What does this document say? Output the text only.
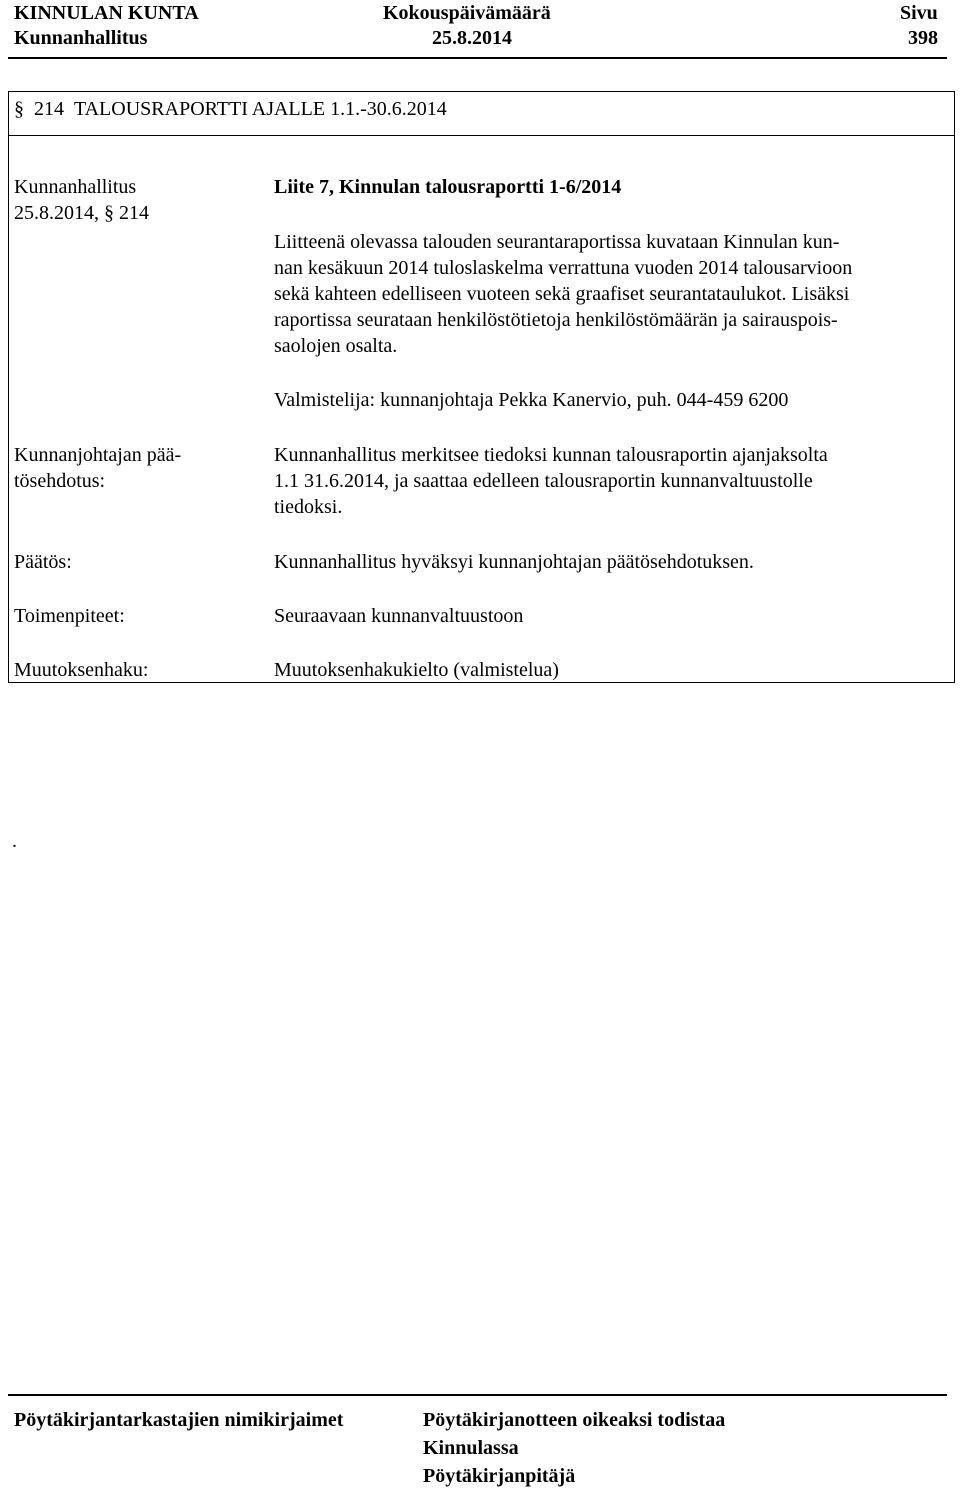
KINNULAN KUNTA
Kunnanhallitus
Kokouspäivämäärä
25.8.2014
Sivu
398
§ 214 TALOUSRAPORTTI AJALLE 1.1.-30.6.2014
Kunnanhallitus
25.8.2014, § 214
Kunnanjohtajan pää-
tösehdotus:
Päätös:
Toimenpiteet:
Muutoksenhaku:
Liite 7, Kinnulan talousraportti 1-6/2014
Liitteenä olevassa talouden seurantaraportissa kuvataan Kinnulan kun-
nan kesäkuun 2014 tuloslaskelma verrattuna vuoden 2014 talousarvioon
sekä kahteen edelliseen vuoteen sekä graafiset seurantataulukot. Lisäksi
raportissa seurataan henkilöstötietoja henkilöstömäärän ja sairauspois-
saolojen osalta.
Valmistelija: kunnanjohtaja Pekka Kanervio, puh. 044-459 6200
Kunnanhallitus merkitsee tiedoksi kunnan talousraportin ajanjaksolta
1.1 31.6.2014, ja saattaa edelleen talousraportin kunnanvaltuustolle
tiedoksi.
Kunnanhallitus hyväksyi kunnanjohtajan päätösehdotuksen.
Seuraavaan kunnanvaltuustoon
Muutoksenhakukielto (valmistelua)
.
Pöytäkirjantarkastajien nimikirjaimet	Pöytäkirjanotteen oikeaksi todistaa
Kinnulassa
Pöytäkirjanpitäjä
